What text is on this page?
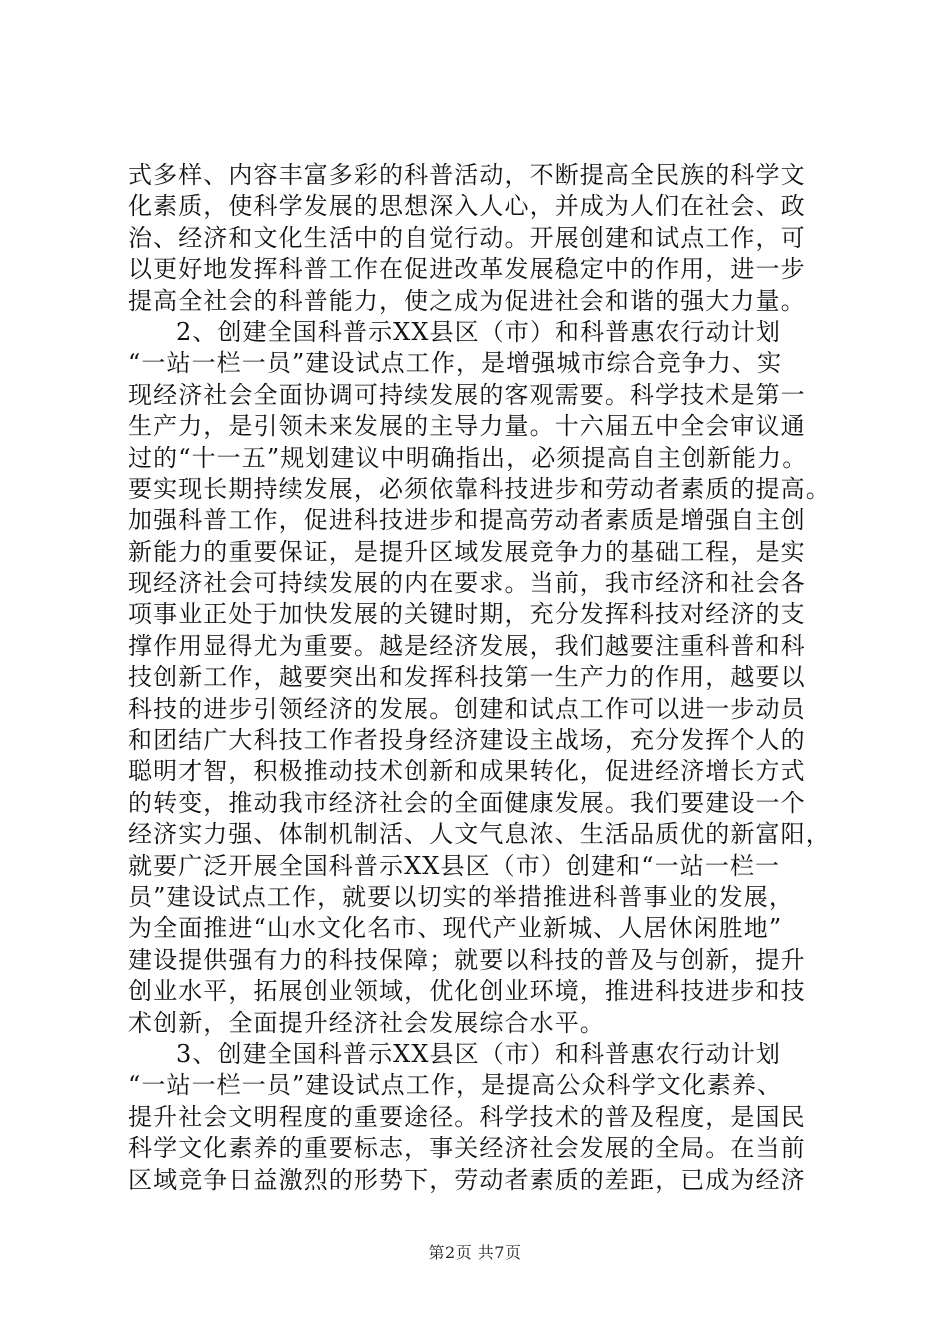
式多样、内容丰富多彩的科普活动，不断提高全民族的科学文
化素质，使科学发展的思想深入人心，并成为人们在社会、政
治、经济和文化生活中的自觉行动。开展创建和试点工作，可
以更好地发挥科普工作在促进改革发展稳定中的作用，进一步
提高全社会的科普能力，使之成为促进社会和谐的强大力量。
2、创建全国科普示XX县区（市）和科普惠农行动计划
“一站一栏一员”建设试点工作，是增强城市综合竞争力、实
现经济社会全面协调可持续发展的客观需要。科学技术是第一
生产力，是引领未来发展的主导力量。十六届五中全会审议通
过的“十一五”规划建议中明确指出，必须提高自主创新能力。
要实现长期持续发展，必须依靠科技进步和劳动者素质的提高。
加强科普工作，促进科技进步和提高劳动者素质是增强自主创
新能力的重要保证，是提升区域发展竞争力的基础工程，是实
现经济社会可持续发展的内在要求。当前，我市经济和社会各
项事业正处于加快发展的关键时期，充分发挥科技对经济的支
撑作用显得尤为重要。越是经济发展，我们越要注重科普和科
技创新工作，越要突出和发挥科技第一生产力的作用，越要以
科技的进步引领经济的发展。创建和试点工作可以进一步动员
和团结广大科技工作者投身经济建设主战场，充分发挥个人的
聪明才智，积极推动技术创新和成果转化，促进经济增长方式
的转变，推动我市经济社会的全面健康发展。我们要建设一个
经济实力强、体制机制活、人文气息浓、生活品质优的新富阳，
就要广泛开展全国科普示XX县区（市）创建和“一站一栏一
员”建设试点工作，就要以切实的举措推进科普事业的发展，
为全面推进“山水文化名市、现代产业新城、人居休闲胜地”
建设提供强有力的科技保障；就要以科技的普及与创新，提升
创业水平，拓展创业领域，优化创业环境，推进科技进步和技
术创新，全面提升经济社会发展综合水平。
3、创建全国科普示XX县区（市）和科普惠农行动计划
“一站一栏一员”建设试点工作，是提高公众科学文化素养、
提升社会文明程度的重要途径。科学技术的普及程度，是国民
科学文化素养的重要标志，事关经济社会发展的全局。在当前
区域竞争日益激烈的形势下，劳动者素质的差距，已成为经济
第2页 共7页
